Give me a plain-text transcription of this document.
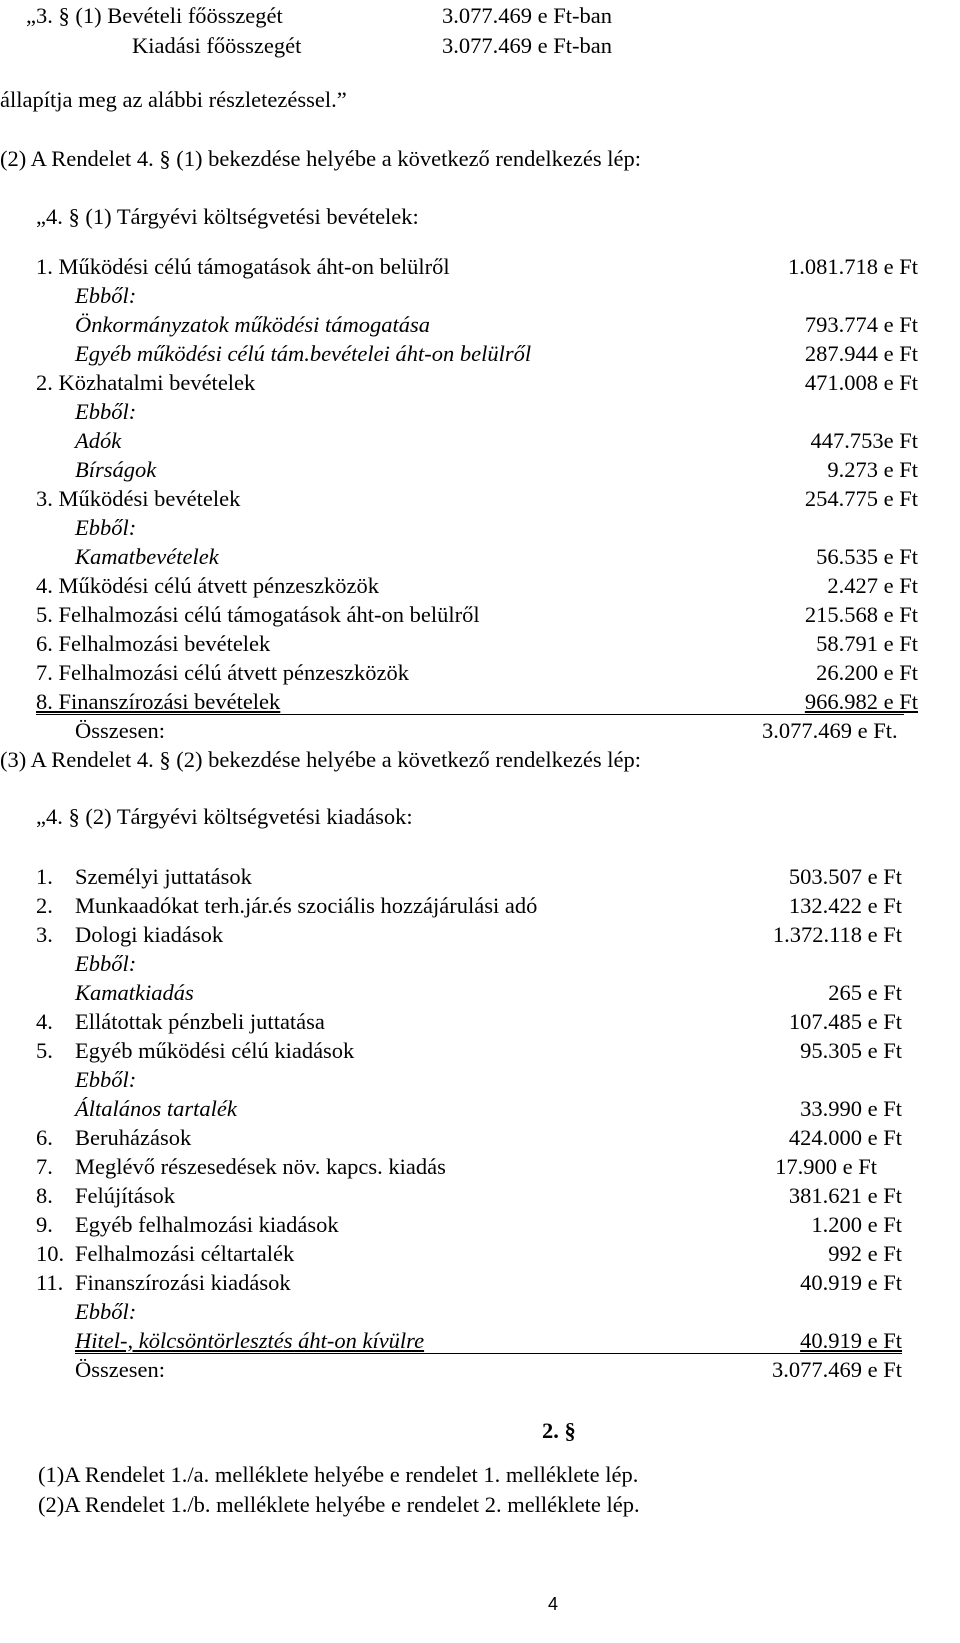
„3. § (1) Bevételi főösszegét	3.077.469 e Ft-ban
Kiadási főösszegét	3.077.469 e Ft-ban
állapítja meg az alábbi részletezéssel.”
(2) A Rendelet 4. § (1) bekezdése helyébe a következő rendelkezés lép:
„4. § (1) Tárgyévi költségvetési bevételek:
1. Működési célú támogatások áht-on belülről	1.081.718 e Ft
Ebből:
Önkormányzatok működési támogatása	793.774 e Ft
Egyéb működési célú tám.bevételei áht-on belülről	287.944 e Ft
2. Közhatalmi bevételek	471.008 e Ft
Ebből:
Adók	447.753e Ft
Bírságok	9.273 e Ft
3. Működési bevételek	254.775 e Ft
Ebből:
Kamatbevételek	56.535 e Ft
4. Működési célú átvett pénzeszközök	2.427 e Ft
5. Felhalmozási célú támogatások áht-on belülről	215.568 e Ft
6. Felhalmozási bevételek	58.791 e Ft
7. Felhalmozási célú átvett pénzeszközök	26.200 e Ft
8. Finanszírozási bevételek	966.982 e Ft
Összesen:	3.077.469 e Ft.
(3) A Rendelet 4. § (2) bekezdése helyébe a következő rendelkezés lép:
„4. § (2) Tárgyévi költségvetési kiadások:
1. Személyi juttatások	503.507 e Ft
2. Munkaadókat terh.jár.és szociális hozzájárulási adó	132.422 e Ft
3. Dologi kiadások	1.372.118 e Ft
Ebből:
Kamatkiadás	265 e Ft
4. Ellátottak pénzbeli juttatása	107.485 e Ft
5. Egyéb működési célú kiadások	95.305 e Ft
Ebből:
Általános tartalék	33.990 e Ft
6. Beruházások	424.000 e Ft
7. Meglévő részesedések növ. kapcs. kiadás	17.900 e Ft
8. Felújítások	381.621 e Ft
9. Egyéb felhalmozási kiadások	1.200 e Ft
10. Felhalmozási céltartalék	992 e Ft
11. Finanszírozási kiadások	40.919 e Ft
Ebből:
Hitel-, kölcsöntörlesztés áht-on kívülre	40.919 e Ft
Összesen:	3.077.469 e Ft
2. §
(1)A Rendelet 1./a. melléklete helyébe e rendelet 1. melléklete lép.
(2)A Rendelet 1./b. melléklete helyébe e rendelet 2. melléklete lép.
4
